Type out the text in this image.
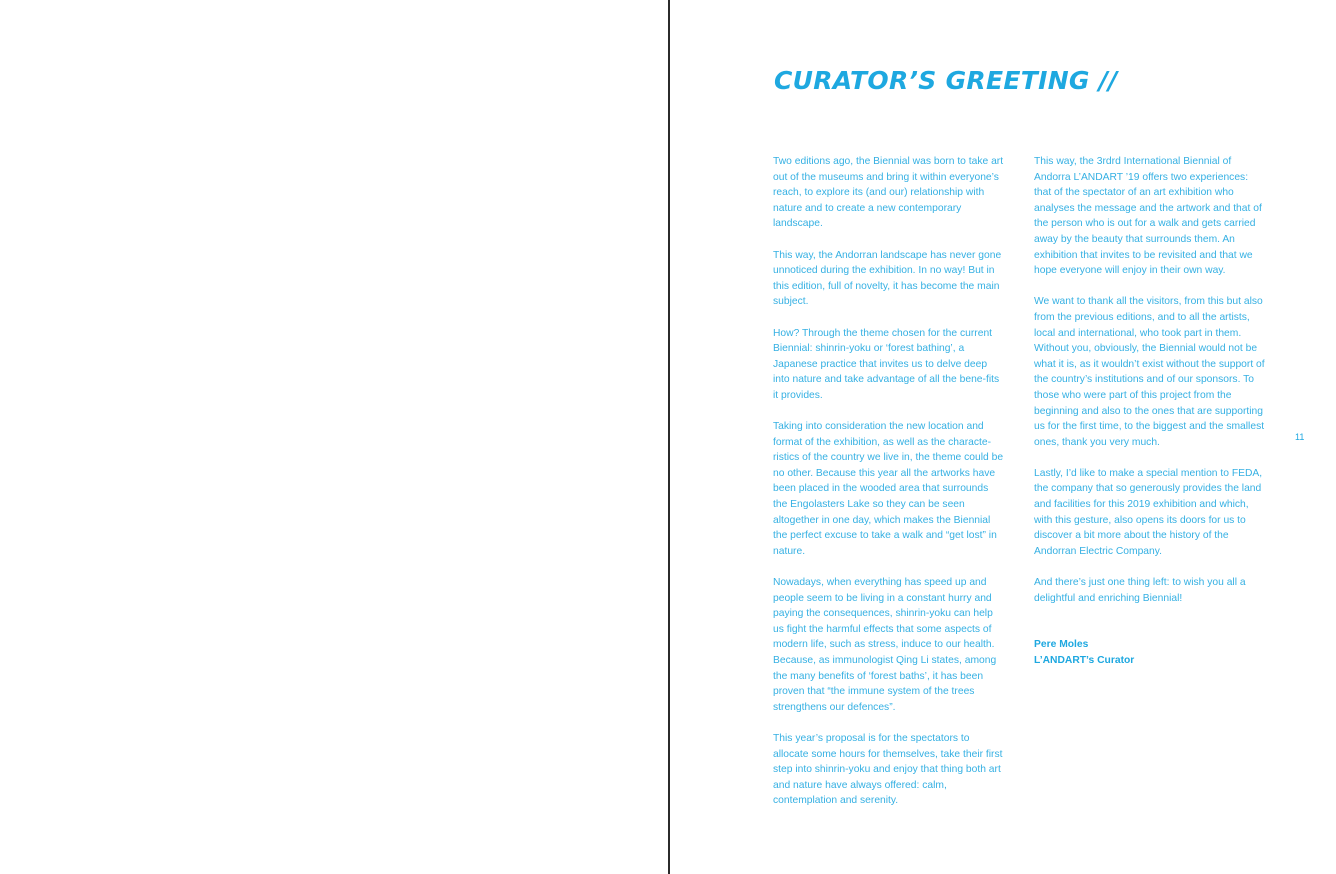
CURATOR’S GREETING //

Two editions ago, the Biennial was born to take art out of the museums and bring it within everyone’s reach, to explore its (and our) relationship with nature and to create a new contemporary landscape.

This way, the Andorran landscape has never gone unnoticed during the exhibition. In no way! But in this edition, full of novelty, it has become the main subject.

How? Through the theme chosen for the current Biennial: shinrin-yoku or ‘forest bathing’, a Japanese practice that invites us to delve deep into nature and take advantage of all the bene-fits it provides.

Taking into consideration the new location and format of the exhibition, as well as the characte-ristics of the country we live in, the theme could be no other. Because this year all the artworks have been placed in the wooded area that surrounds the Engolasters Lake so they can be seen altogether in one day, which makes the Biennial the perfect excuse to take a walk and “get lost” in nature.

Nowadays, when everything has speed up and people seem to be living in a constant hurry and paying the consequences, shinrin-yoku can help us fight the harmful effects that some aspects of modern life, such as stress, induce to our health. Because, as immunologist Qing Li states, among the many benefits of ‘forest baths’, it has been proven that “the immune system of the trees strengthens our defences”.

This year’s proposal is for the spectators to allocate some hours for themselves, take their first step into shinrin-yoku and enjoy that thing both art and nature have always offered: calm, contemplation and serenity.

This way, the 3rdrd International Biennial of Andorra L’ANDART ’19 offers two experiences: that of the spectator of an art exhibition who analyses the message and the artwork and that of the person who is out for a walk and gets carried away by the beauty that surrounds them. An exhibition that invites to be revisited and that we hope everyone will enjoy in their own way.

We want to thank all the visitors, from this but also from the previous editions, and to all the artists, local and international, who took part in them. Without you, obviously, the Biennial would not be what it is, as it wouldn’t exist without the support of the country’s institutions and of our sponsors. To those who were part of this project from the beginning and also to the ones that are supporting us for the first time, to the biggest and the smallest ones, thank you very much.

Lastly, I’d like to make a special mention to FEDA, the company that so generously provides the land and facilities for this 2019 exhibition and which, with this gesture, also opens its doors for us to discover a bit more about the history of the Andorran Electric Company.

And there’s just one thing left: to wish you all a delightful and enriching Biennial!

Pere Moles
L’ANDART’s Curator
11
